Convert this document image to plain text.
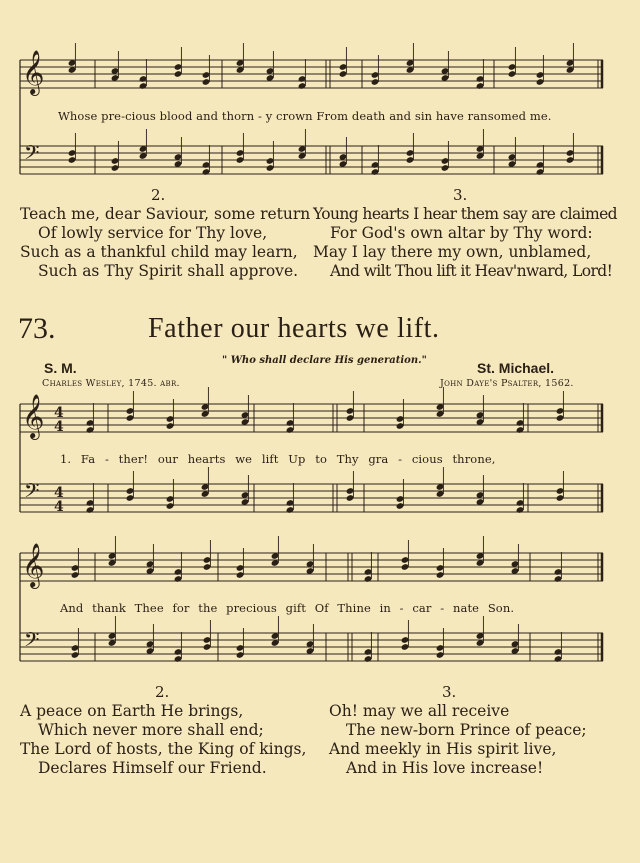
𝄞
𝄢
𝄞
𝄢
4
4
4
4
𝄞
𝄢
Whose pre-cious blood and thorn - y crown From death and sin have ransomed me.
2.	3.
Teach me, dear Saviour, some return
Of lowly service for Thy love,
Such as a thankful child may learn,
Such as Thy Spirit shall approve.
Young hearts I hear them say are claimed
For God's own altar by Thy word:
May I lay there my own, unblamed,
And wilt Thou lift it Heav'nward, Lord!
73.	Father our hearts we lift.
S. M.	" Who shall declare His generation."	St. Michael.
Charles Wesley, 1745. abr.	John Daye's Psalter, 1562.
1. Fa - ther! our hearts we lift Up to Thy gra - cious throne,
And thank Thee for the precious gift Of Thine in - car - nate Son.
2.	3.
A peace on Earth He brings,
Which never more shall end;
The Lord of hosts, the King of kings,
Declares Himself our Friend.
Oh! may we all receive
The new-born Prince of peace;
And meekly in His spirit live,
And in His love increase!
